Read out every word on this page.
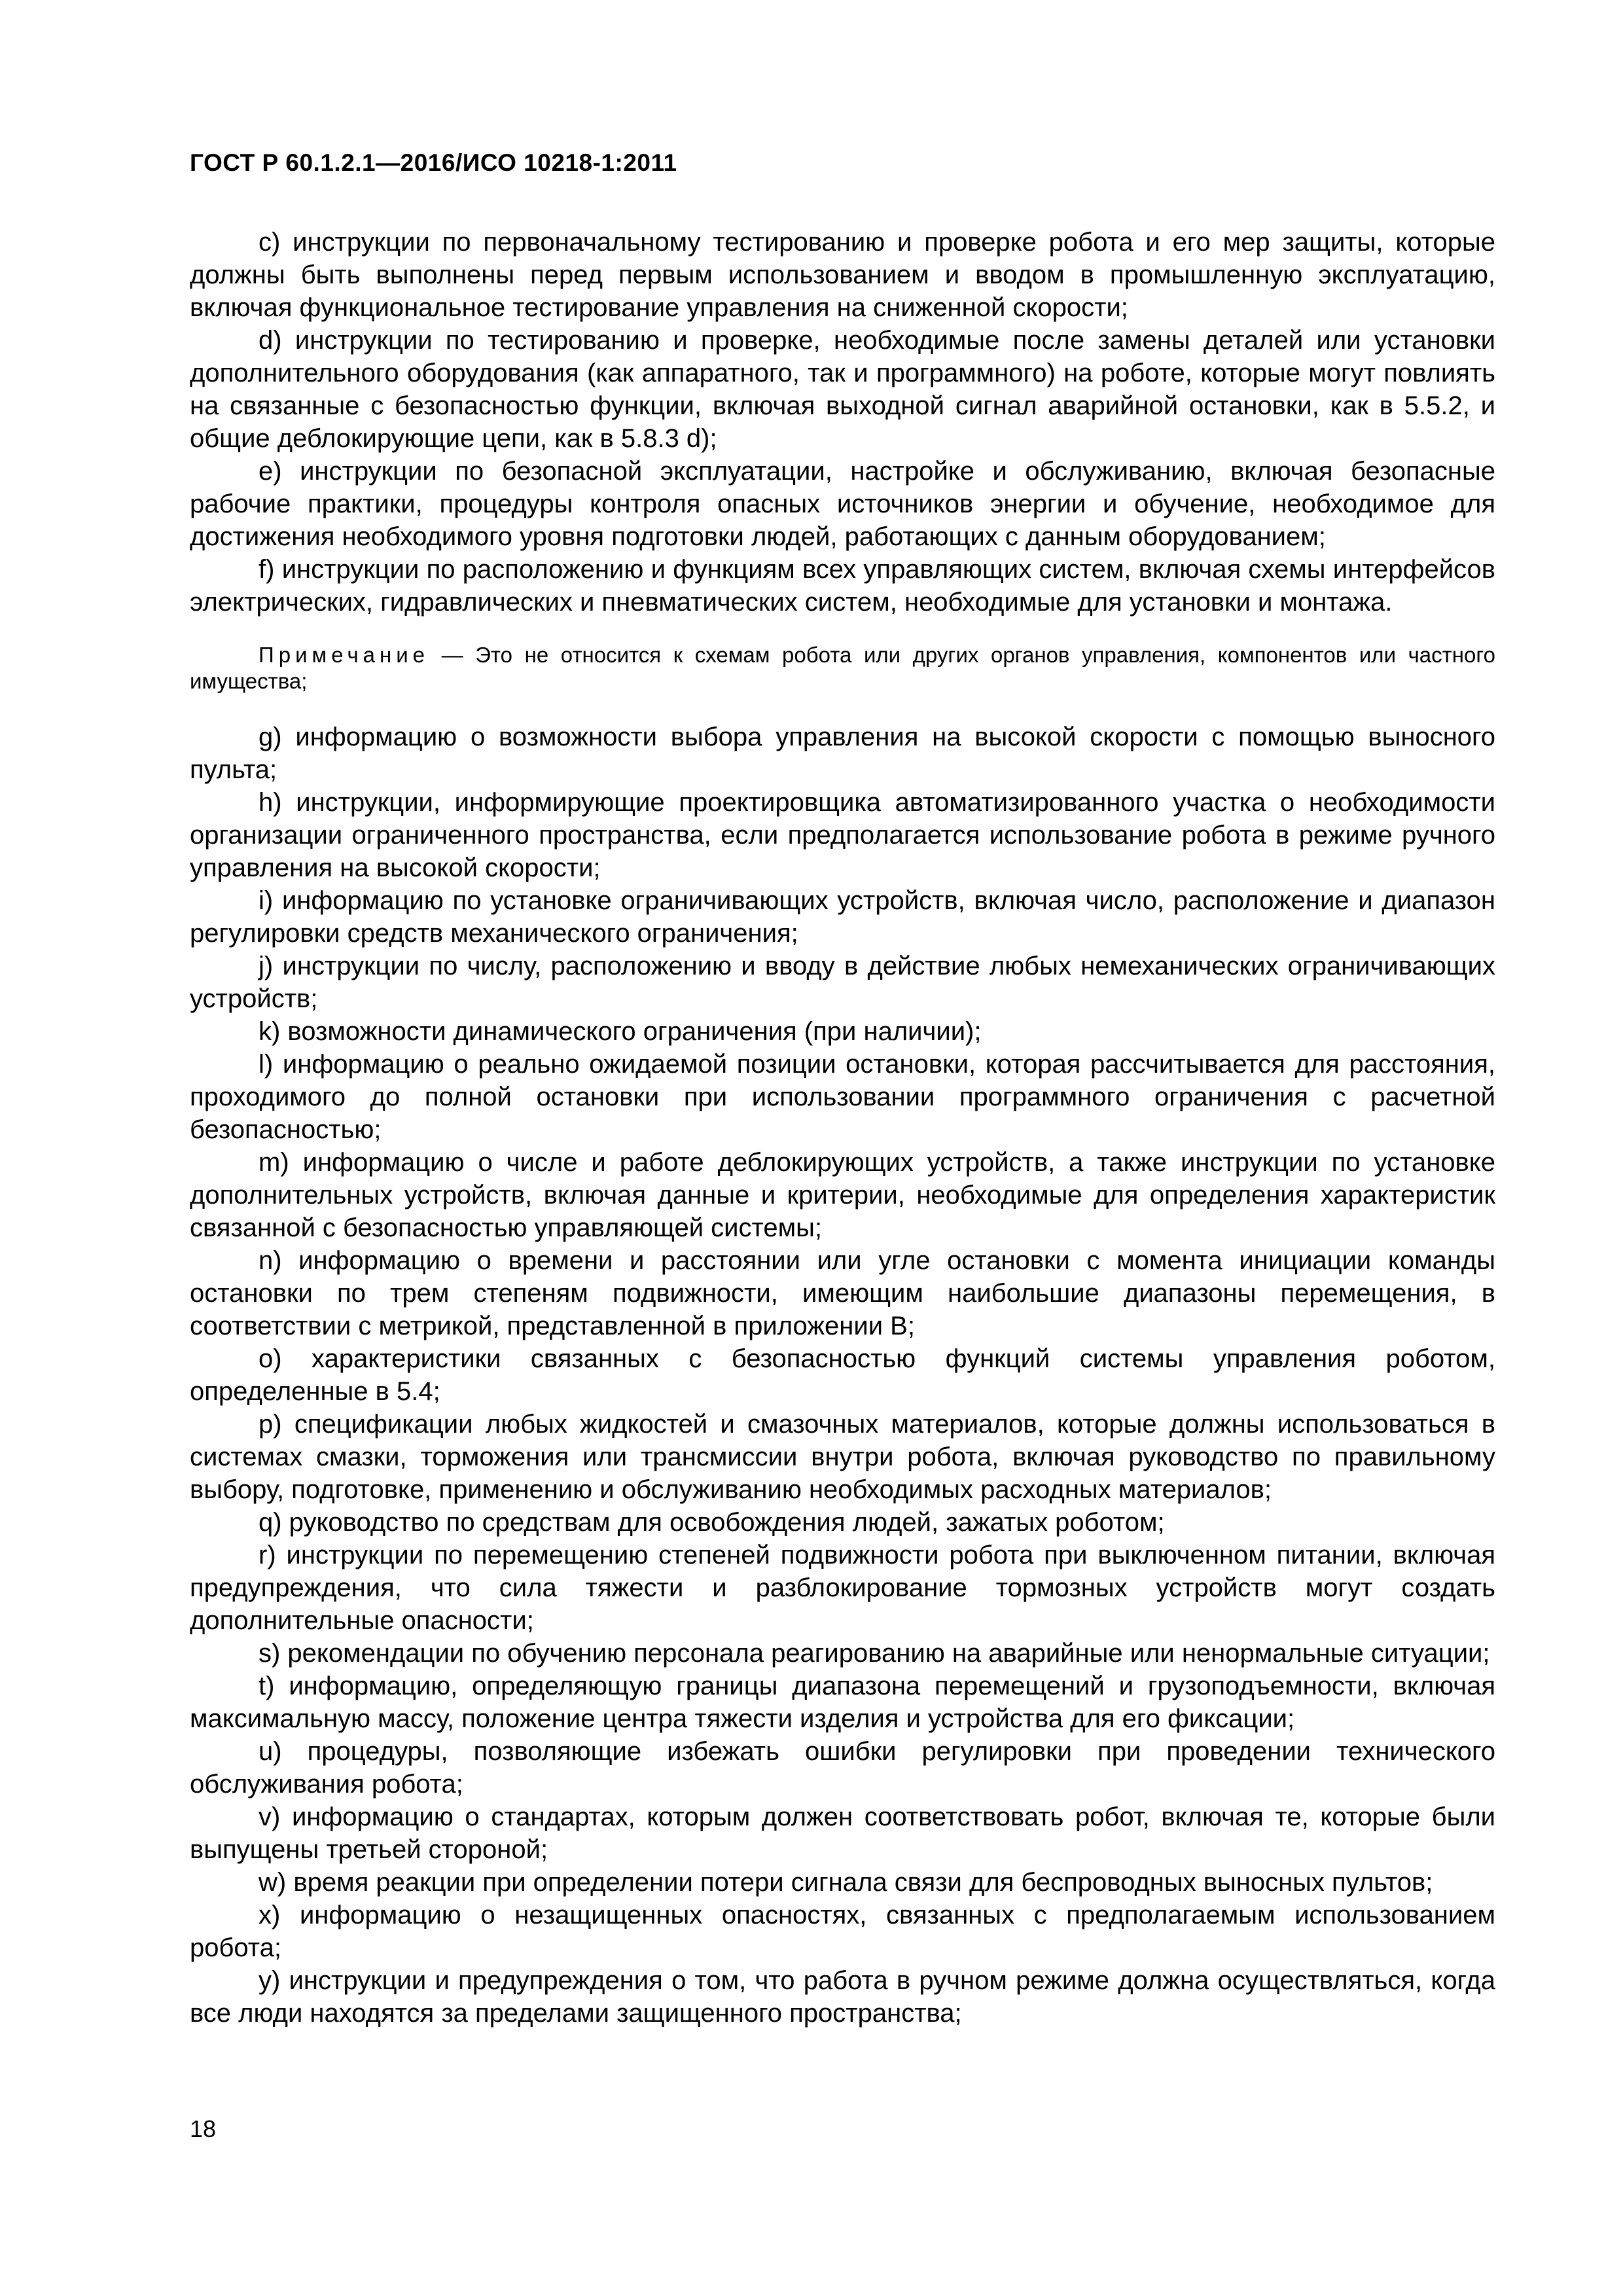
ГОСТ Р 60.1.2.1—2016/ИСО 10218-1:2011

с) инструкции по первоначальному тестированию и проверке робота и его мер защиты, которые должны быть выполнены перед первым использованием и вводом в промышленную эксплуатацию, включая функциональное тестирование управления на сниженной скорости;

d) инструкции по тестированию и проверке, необходимые после замены деталей или установки дополнительного оборудования (как аппаратного, так и программного) на роботе, которые могут повлиять на связанные с безопасностью функции, включая выходной сигнал аварийной остановки, как в 5.5.2, и общие деблокирующие цепи, как в 5.8.3 d);

е) инструкции по безопасной эксплуатации, настройке и обслуживанию, включая безопасные рабочие практики, процедуры контроля опасных источников энергии и обучение, необходимое для достижения необходимого уровня подготовки людей, работающих с данным оборудованием;

f) инструкции по расположению и функциям всех управляющих систем, включая схемы интерфейсов электрических, гидравлических и пневматических систем, необходимые для установки и монтажа.

Примечание — Это не относится к схемам робота или других органов управления, компонентов или частного имущества;

g) информацию о возможности выбора управления на высокой скорости с помощью выносного пульта;

h) инструкции, информирующие проектировщика автоматизированного участка о необходимости организации ограниченного пространства, если предполагается использование робота в режиме ручного управления на высокой скорости;

i) информацию по установке ограничивающих устройств, включая число, расположение и диапазон регулировки средств механического ограничения;

j) инструкции по числу, расположению и вводу в действие любых немеханических ограничивающих устройств;

k) возможности динамического ограничения (при наличии);

l) информацию о реально ожидаемой позиции остановки, которая рассчитывается для расстояния, проходимого до полной остановки при использовании программного ограничения с расчетной безопасностью;

m) информацию о числе и работе деблокирующих устройств, а также инструкции по установке дополнительных устройств, включая данные и критерии, необходимые для определения характеристик связанной с безопасностью управляющей системы;

n) информацию о времени и расстоянии или угле остановки с момента инициации команды остановки по трем степеням подвижности, имеющим наибольшие диапазоны перемещения, в соответствии с метрикой, представленной в приложении В;

о) характеристики связанных с безопасностью функций системы управления роботом, определенные в 5.4;

р) спецификации любых жидкостей и смазочных материалов, которые должны использоваться в системах смазки, торможения или трансмиссии внутри робота, включая руководство по правильному выбору, подготовке, применению и обслуживанию необходимых расходных материалов;

q) руководство по средствам для освобождения людей, зажатых роботом;

r) инструкции по перемещению степеней подвижности робота при выключенном питании, включая предупреждения, что сила тяжести и разблокирование тормозных устройств могут создать дополнительные опасности;

s) рекомендации по обучению персонала реагированию на аварийные или ненормальные ситуации;

t) информацию, определяющую границы диапазона перемещений и грузоподъемности, включая максимальную массу, положение центра тяжести изделия и устройства для его фиксации;

u) процедуры, позволяющие избежать ошибки регулировки при проведении технического обслуживания робота;

v) информацию о стандартах, которым должен соответствовать робот, включая те, которые были выпущены третьей стороной;

w) время реакции при определении потери сигнала связи для беспроводных выносных пультов;

х) информацию о незащищенных опасностях, связанных с предполагаемым использованием робота;

у) инструкции и предупреждения о том, что работа в ручном режиме должна осуществляться, когда все люди находятся за пределами защищенного пространства;

18
